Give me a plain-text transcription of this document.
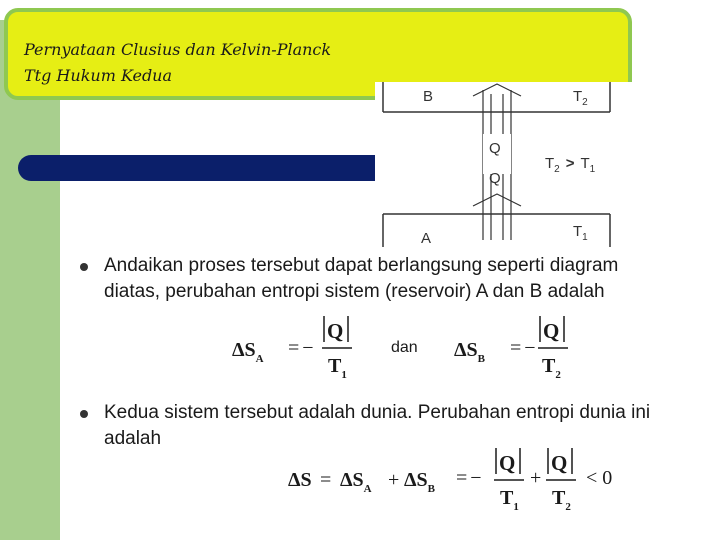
Pernyataan Clusius dan Kelvin-Planck
Ttg Hukum Kedua
B	$T_2$
Q
Q
$T_2 > T_1$
A	$T_1$
Andaikan proses tersebut dapat berlangsung seperti diagram diatas, perubahan entropi sistem (reservoir) A dan B adalah
$\Delta S_A$ = −
Q
$T_1$
dan $\Delta S_B$ = −
Q
$T_2$
Kedua sistem tersebut adalah dunia. Perubahan entropi dunia ini adalah
$\Delta S = \Delta S_A + \Delta S_B$ = −
Q
$T_1$
+
Q
$T_2$
< 0
